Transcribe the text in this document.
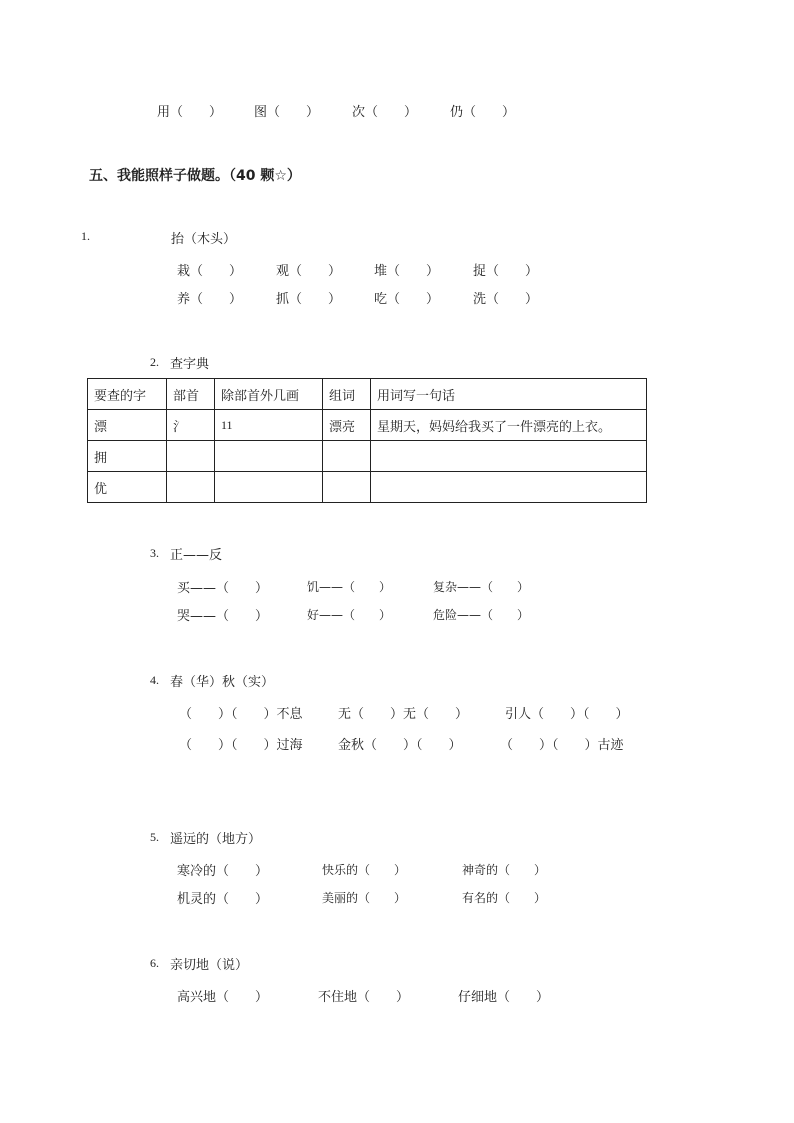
用（　　） 图（　　）	次（　　）	仍（　　）
五、我能照样子做题。（40 颗☆）
1.	抬（木头）
栽（　　）	观（　　）	堆（　　）	捉（　　）
养（　　）	抓（　　）	吃（　　）	洗（　　）
2. 查字典
要查的字	部首	除部首外几画	组词	用词写一句话
漂	氵	11	漂亮	星期天，妈妈给我买了一件漂亮的上衣。
拥				
优				
3. 正——反
买——（　　）	饥——（　　）	复杂——（　　）
哭——（　　）	好——（　　）	危险——（　　）
4. 春（华）秋（实）
（　　）（　　）不息	无（　　）无（　　）	引人（　　）（　　）
（　　）（　　）过海	金秋（　　）（　　）	（　　）（　　）古迹
5. 遥远的（地方）
寒冷的（　　）	快乐的（　　）	神奇的（　　）
机灵的（　　）	美丽的（　　）	有名的（　　）
6. 亲切地（说）
高兴地（　　）	不住地（　　）	仔细地（　　）
